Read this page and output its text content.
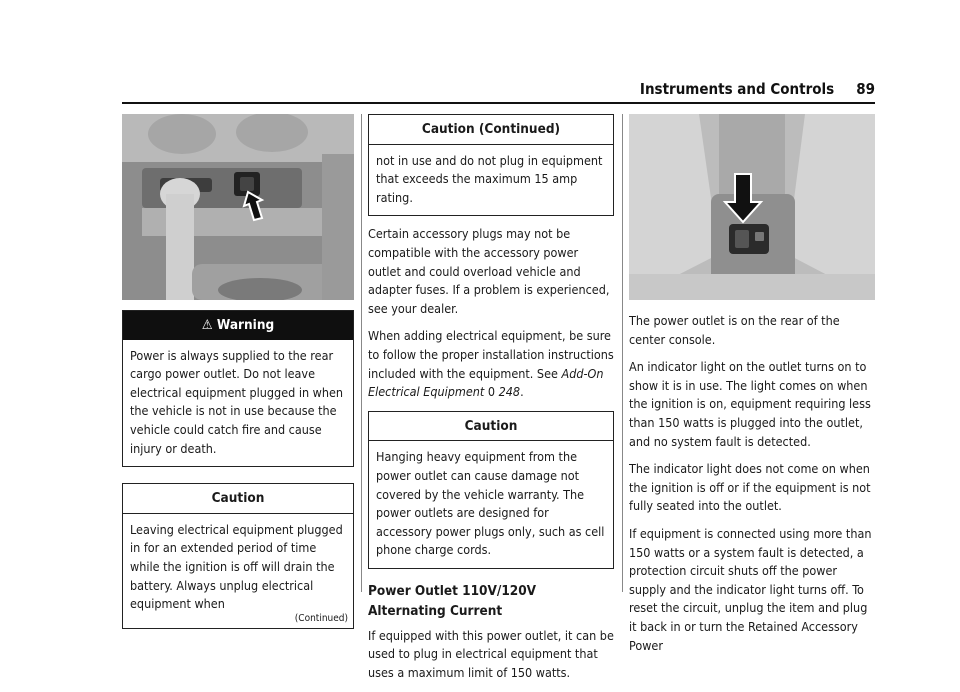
Instruments and Controls 89
⚠ Warning
Power is always supplied to the rear cargo power outlet. Do not leave electrical equipment plugged in when the vehicle is not in use because the vehicle could catch fire and cause injury or death.
Caution
Leaving electrical equipment plugged in for an extended period of time while the ignition is off will drain the battery. Always unplug electrical equipment when
(Continued)
Caution (Continued)
not in use and do not plug in equipment that exceeds the maximum 15 amp rating.

Certain accessory plugs may not be compatible with the accessory power outlet and could overload vehicle and adapter fuses. If a problem is experienced, see your dealer.

When adding electrical equipment, be sure to follow the proper installation instructions included with the equipment. See Add-On Electrical Equipment 0 248.

Caution
Hanging heavy equipment from the power outlet can cause damage not covered by the vehicle warranty. The power outlets are designed for accessory power plugs only, such as cell phone charge cords.
Power Outlet 110V/120V Alternating Current

If equipped with this power outlet, it can be used to plug in electrical equipment that uses a maximum limit of 150 watts.

The power outlet is on the rear of the center console.

An indicator light on the outlet turns on to show it is in use. The light comes on when the ignition is on, equipment requiring less than 150 watts is plugged into the outlet, and no system fault is detected.

The indicator light does not come on when the ignition is off or if the equipment is not fully seated into the outlet.

If equipment is connected using more than 150 watts or a system fault is detected, a protection circuit shuts off the power supply and the indicator light turns off. To reset the circuit, unplug the item and plug it back in or turn the Retained Accessory Power
